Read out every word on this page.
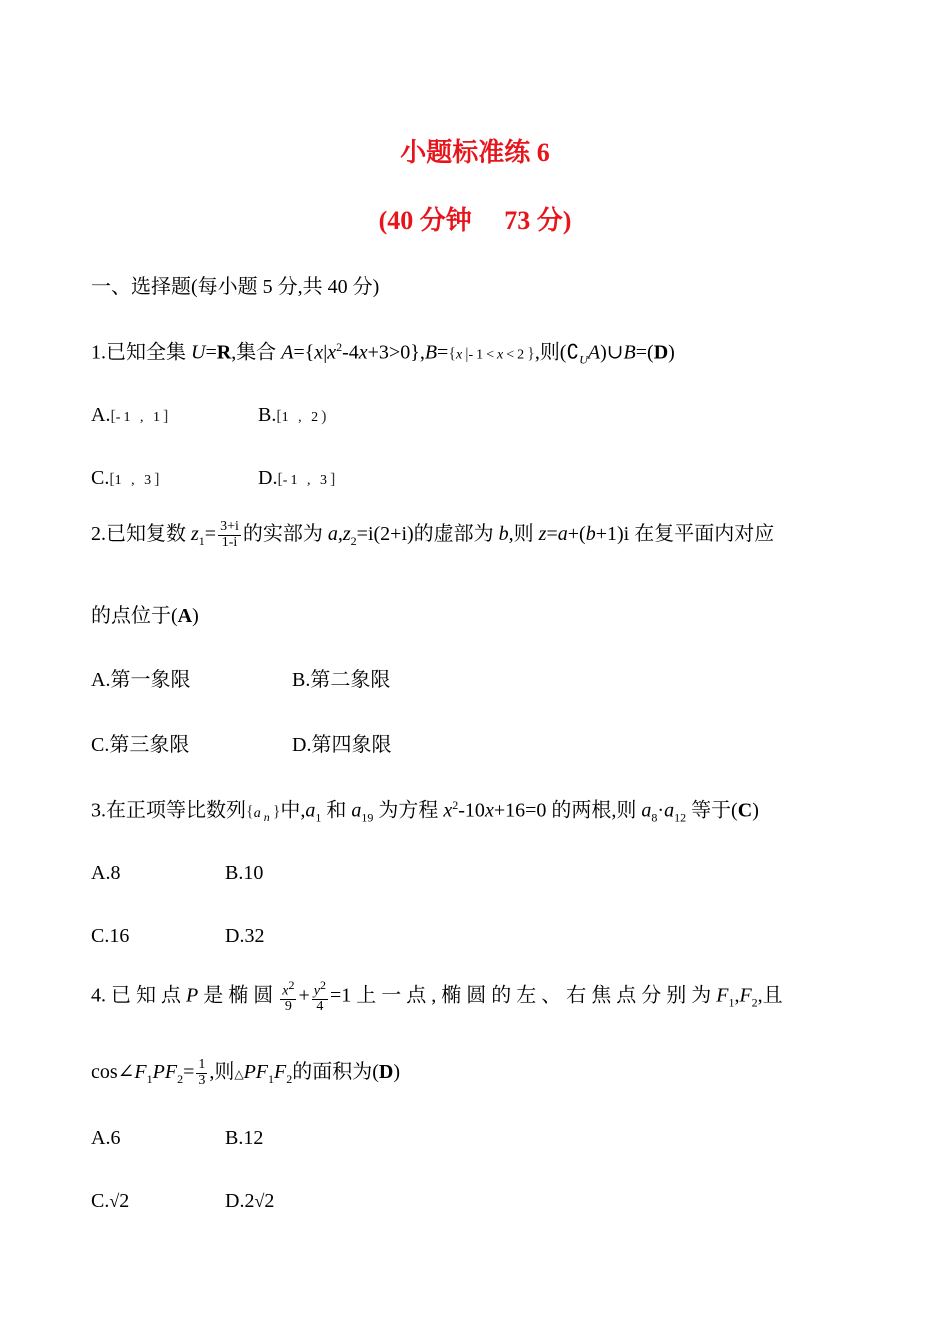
小题标准练 6
(40 分钟　 73 分)
一、选择题(每小题 5 分,共 40 分)
1.已知全集 U=R,集合 $A=\{x|x^2-4x+3>0\},B=\{x|-1<x<2\}$,则$(∁_UA)\cup B=(D)$
A.[-1 , 1]	B.[1 , 2)
C.[1 , 3]	D.[-1 , 3]
2.已知复数 $z_1= \frac{3+i}{1-i}$ 的实部为 $a,z_2=i(2+i)$的虚部为 b,则 z=a+(b+1)i 在复平面内对应
的点位于(A)
A.第一象限	B.第二象限
C.第三象限	D.第四象限
3.在正项等比数列$\{a_n\}$中$,a_1$ 和 $a_{19}$ 为方程 $x^2-10x+16=0$ 的两根,则 $a_8\cdot a_{12}$ 等于(C)
A.8	B.10
C.16	D.32
4. 已 知 点 P 是 椭 圆 $\frac{x^2}{9} + \frac{y^2}{4} =1$ 上 一 点 , 椭 圆 的 左 、 右 焦 点 分 别 为 $F_1,F_2$,且
$\cos\angle F_1PF_2= \frac{1}{3}$ ,则$\triangle PF_1F_2$的面积为(D)
A.6	B.12
C.√2	D.2√2
